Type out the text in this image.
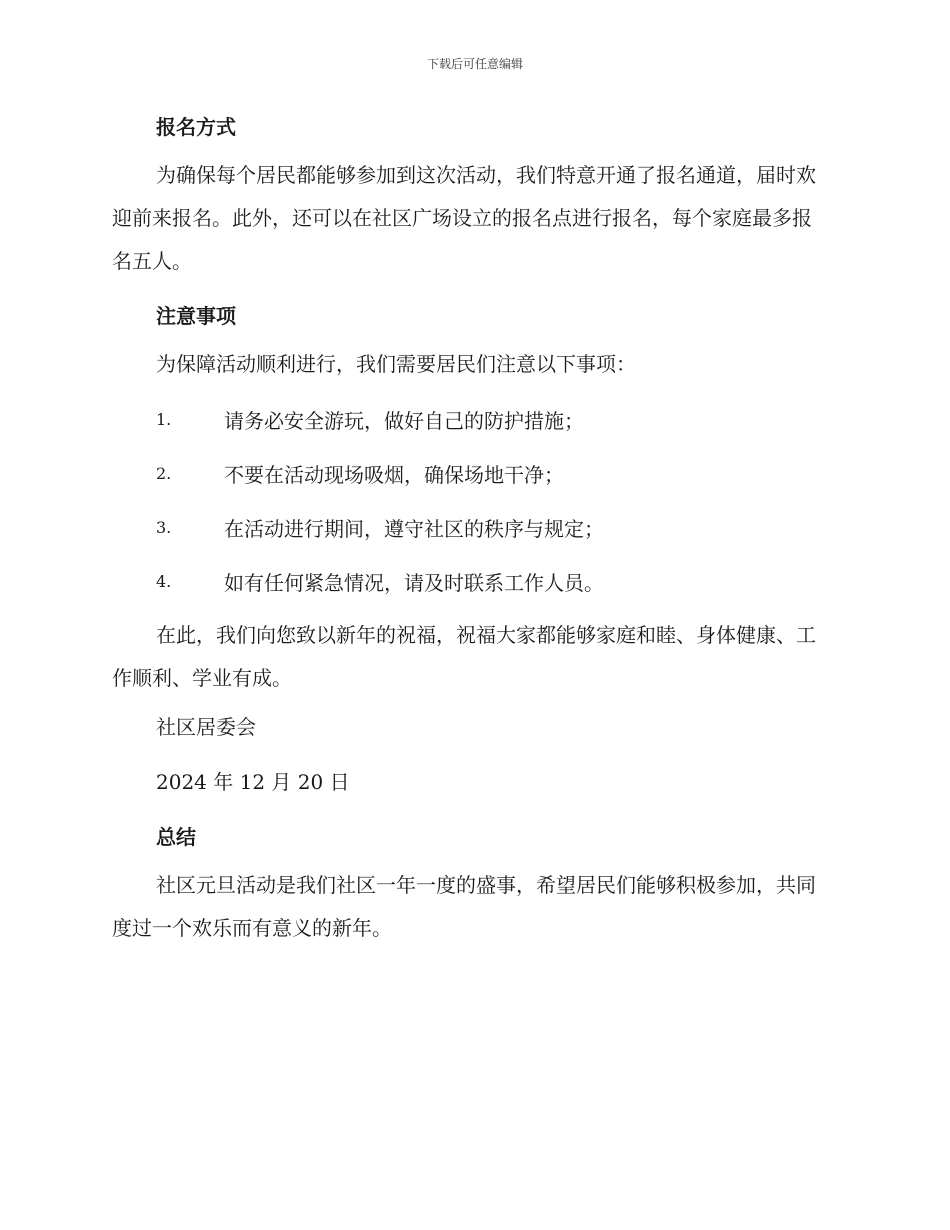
下载后可任意编辑

报名方式

为确保每个居民都能够参加到这次活动，我们特意开通了报名通道，届时欢迎前来报名。此外，还可以在社区广场设立的报名点进行报名，每个家庭最多报名五人。

注意事项

为保障活动顺利进行，我们需要居民们注意以下事项：

1.	请务必安全游玩，做好自己的防护措施；
2.	不要在活动现场吸烟，确保场地干净；
3.	在活动进行期间，遵守社区的秩序与规定；
4.	如有任何紧急情况，请及时联系工作人员。

在此，我们向您致以新年的祝福，祝福大家都能够家庭和睦、身体健康、工作顺利、学业有成。

社区居委会

2024 年 12 月 20 日

总结

社区元旦活动是我们社区一年一度的盛事，希望居民们能够积极参加，共同度过一个欢乐而有意义的新年。
